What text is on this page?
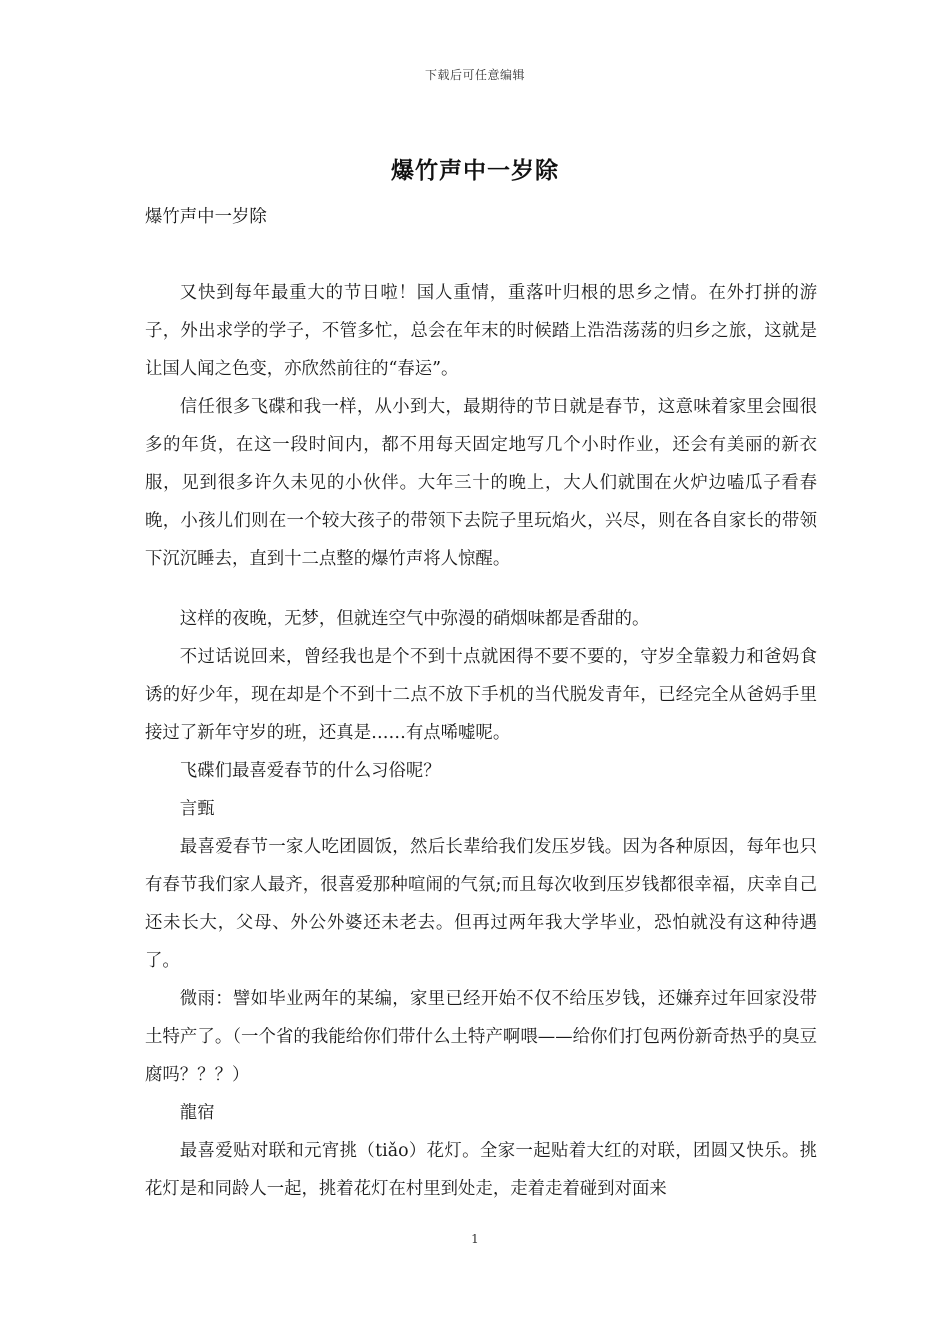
下载后可任意编辑
爆竹声中一岁除

爆竹声中一岁除

又快到每年最重大的节日啦！国人重情，重落叶归根的思乡之情。在外打拼的游子，外出求学的学子，不管多忙，总会在年末的时候踏上浩浩荡荡的归乡之旅，这就是让国人闻之色变，亦欣然前往的“春运”。

信任很多飞碟和我一样，从小到大，最期待的节日就是春节，这意味着家里会囤很多的年货，在这一段时间内，都不用每天固定地写几个小时作业，还会有美丽的新衣服，见到很多许久未见的小伙伴。大年三十的晚上，大人们就围在火炉边嗑瓜子看春晚，小孩儿们则在一个较大孩子的带领下去院子里玩焰火，兴尽，则在各自家长的带领下沉沉睡去，直到十二点整的爆竹声将人惊醒。

这样的夜晚，无梦，但就连空气中弥漫的硝烟味都是香甜的。

不过话说回来，曾经我也是个不到十点就困得不要不要的，守岁全靠毅力和爸妈食诱的好少年，现在却是个不到十二点不放下手机的当代脱发青年，已经完全从爸妈手里接过了新年守岁的班，还真是……有点唏嘘呢。

飞碟们最喜爱春节的什么习俗呢？

言甄

最喜爱春节一家人吃团圆饭，然后长辈给我们发压岁钱。因为各种原因，每年也只有春节我们家人最齐，很喜爱那种喧闹的气氛;而且每次收到压岁钱都很幸福，庆幸自己还未长大，父母、外公外婆还未老去。但再过两年我大学毕业，恐怕就没有这种待遇了。

微雨：譬如毕业两年的某编，家里已经开始不仅不给压岁钱，还嫌弃过年回家没带土特产了。（一个省的我能给你们带什么土特产啊喂——给你们打包两份新奇热乎的臭豆腐吗？？？）

龍宿

最喜爱贴对联和元宵挑（tiǎo）花灯。全家一起贴着大红的对联，团圆又快乐。挑花灯是和同龄人一起，挑着花灯在村里到处走，走着走着碰到对面来

1
